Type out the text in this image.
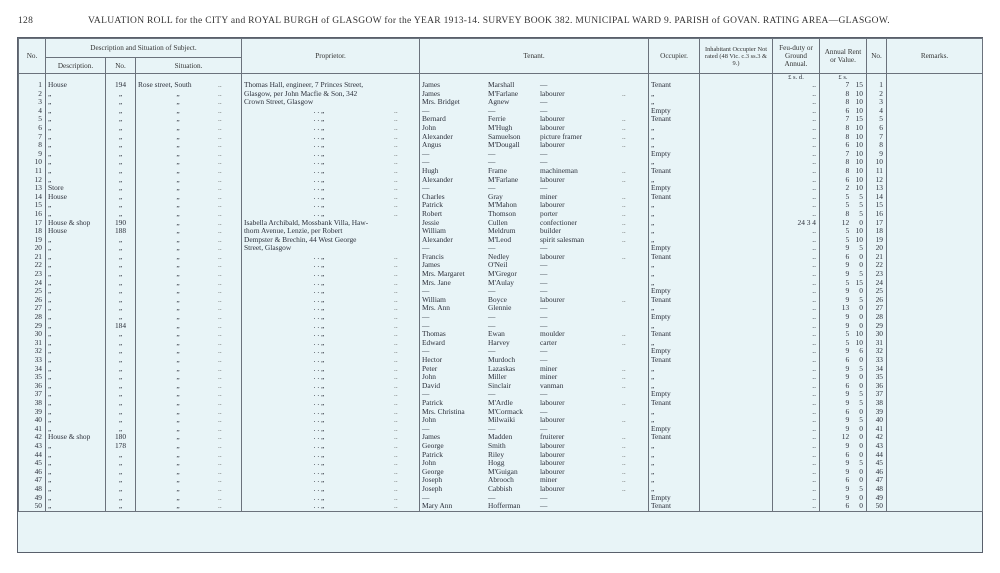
128	VALUATION ROLL for the CITY and ROYAL BURGH of GLASGOW for the YEAR 1913-14. SURVEY BOOK 382. MUNICIPAL WARD 9. PARISH of GOVAN. RATING AREA—GLASGOW.
No.	Description and Situation of Subject.			Proprietor.	Tenant.	Occupier.	Inhabitant Occupier Not rated (48 Vic. c.3 ss.3 & 9.)	Feu-duty or Ground Annual.	Annual Rent or Value.	No.	Remarks.
	Description.	No.	Situation.								
								£ s. d.	£ s.		
1	House	194	Rose street, South ..	Thomas Hall, engineer, 7 Princes Street,	James Marshall —	Tenant		..	7 15	1	
2	„	„	„ ..	Glasgow, per John Macfie & Son, 342	James M'Farlane labourer ..	„		..	8 10	2	
3	„	„	„ ..	Crown Street, Glasgow	Mrs. Bridget Agnew —	„		..	8 10	3	
4	„	„	„ ..	. . „ ..	— — —	Empty		..	6 10	4	
5	„	„	„ ..	. . „ ..	Bernard Ferrie labourer ..	Tenant		..	7 15	5	
6	„	„	„ ..	. . „ ..	John M'Hugh labourer ..	„		..	8 10	6	
7	„	„	„ ..	. . „ ..	Alexander Samuelson picture framer ..	„		..	8 10	7	
8	„	„	„ ..	. . „ ..	Angus M'Dougall labourer ..	„		..	6 10	8	
9	„	„	„ ..	. . „ ..	— — —	Empty		..	7 10	9	
10	„	„	„ ..	. . „ ..	— — —	„		..	8 10	10	
11	„	„	„ ..	. . „ ..	Hugh Frame machineman ..	Tenant		..	8 10	11	
12	„	„	„ ..	. . „ ..	Alexander M'Farlane labourer ..	„		..	6 10	12	
13	Store	„	„ ..	. . „ ..	— — —	Empty		..	2 10	13	
14	House	„	„ ..	. . „ ..	Charles Gray miner ..	Tenant		..	5 5	14	
15	„	„	„ ..	. . „ ..	Patrick M'Mahon labourer ..	„		..	5 5	15	
16	„	„	„ ..	. . „ ..	Robert Thomson porter ..	„		..	8 5	16	
17	House & shop	190	„ ..	Isabella Archibald, Mossbank Villa, Haw-	Jessie Cullen confectioner ..	„		24 3 4	12 0	17	
18	House	188	„ ..	thorn Avenue, Lenzie, per Robert	William Meldrum builder ..	„		..	5 10	18	
19	„	„	„ ..	Dempster & Brechin, 44 West George	Alexander M'Leod spirit salesman ..	„		..	5 10	19	
20	„	„	„ ..	Street, Glasgow	— — —	Empty		..	9 5	20	
21	„	„	„ ..	. . „ ..	Francis Nedley labourer ..	Tenant		..	6 0	21	
22	„	„	„ ..	. . „ ..	James O'Neil —	„		..	9 0	22	
23	„	„	„ ..	. . „ ..	Mrs. Margaret M'Gregor —	„		..	9 5	23	
24	„	„	„ ..	. . „ ..	Mrs. Jane M'Aulay —	„		..	5 15	24	
25	„	„	„ ..	. . „ ..	— — —	Empty		..	9 0	25	
26	„	„	„ ..	. . „ ..	William Boyce labourer ..	Tenant		..	9 5	26	
27	„	„	„ ..	. . „ ..	Mrs. Ann Glennie —	„		..	13 0	27	
28	„	„	„ ..	. . „ ..	— — —	Empty		..	9 0	28	
29	„	184	„ ..	. . „ ..	— — —	„		..	9 0	29	
30	„	„	„ ..	. . „ ..	Thomas Ewan moulder ..	Tenant		..	5 10	30	
31	„	„	„ ..	. . „ ..	Edward Harvey carter ..	„		..	5 10	31	
32	„	„	„ ..	. . „ ..	— — —	Empty		..	9 6	32	
33	„	„	„ ..	. . „ ..	Hector Murdoch —	Tenant		..	6 0	33	
34	„	„	„ ..	. . „ ..	Peter Lazaskas miner ..	„		..	9 5	34	
35	„	„	„ ..	. . „ ..	John Miller miner ..	„		..	9 0	35	
36	„	„	„ ..	. . „ ..	David Sinclair vanman ..	„		..	6 0	36	
37	„	„	„ ..	. . „ ..	— — —	Empty		..	9 5	37	
38	„	„	„ ..	. . „ ..	Patrick M'Ardle labourer ..	Tenant		..	9 5	38	
39	„	„	„ ..	. . „ ..	Mrs. Christina M'Cormack —	„		..	6 0	39	
40	„	„	„ ..	. . „ ..	John Milwaiki labourer ..	„		..	9 5	40	
41	„	„	„ ..	. . „ ..	— — —	Empty		..	9 0	41	
42	House & shop	180	„ ..	. . „ ..	James Madden fruiterer ..	Tenant		..	12 0	42	
43	„	178	„ ..	. . „ ..	George Smith labourer ..	„		..	9 0	43	
44	„	„	„ ..	. . „ ..	Patrick Riley labourer ..	„		..	6 0	44	
45	„	„	„ ..	. . „ ..	John Hogg labourer ..	„		..	9 5	45	
46	„	„	„ ..	. . „ ..	George M'Guigan labourer ..	„		..	9 0	46	
47	„	„	„ ..	. . „ ..	Joseph Abrooch miner ..	„		..	6 0	47	
48	„	„	„ ..	. . „ ..	Joseph Cabbish labourer ..	„		..	9 5	48	
49	„	„	„ ..	. . „ ..	— — —	Empty		..	9 0	49	
50	„	„	„ ..	. . „ ..	Mary Ann Hofferman —	Tenant		..	6 0	50	
